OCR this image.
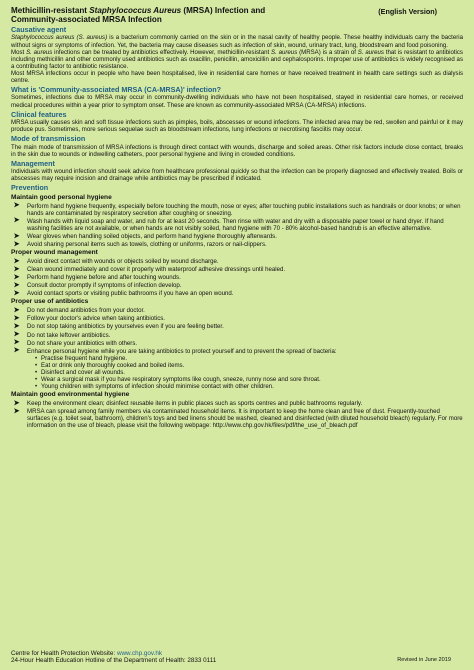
Methicillin-resistant Staphylococcus Aureus (MRSA) Infection and
Community-associated MRSA Infection
(English Version)
Causative agent

Staphylococcus aureus (S. aureus) is a bacterium commonly carried on the skin or in the nasal cavity of healthy people. These healthy individuals carry the bacteria without signs or symptoms of infection. Yet, the bacteria may cause diseases such as infection of skin, wound, urinary tract, lung, bloodstream and food poisoning.

Most S. aureus infections can be treated by antibiotics effectively. However, methicillin-resistant S. aureus (MRSA) is a strain of S. aureus that is resistant to antibiotics including methicillin and other commonly used antibiotics such as oxacillin, penicillin, amoxicillin and cephalosporins. Improper use of antibiotics is widely recognised as a contributing factor to antibiotic resistance.

Most MRSA infections occur in people who have been hospitalised, live in residential care homes or have received treatment in health care settings such as dialysis centre.

What is 'Community-associated MRSA (CA-MRSA)' infection?

Sometimes, infections due to MRSA may occur in community-dwelling individuals who have not been hospitalised, stayed in residential care homes, or received medical procedures within a year prior to symptom onset. These are known as community-associated MRSA (CA-MRSA) infections.

Clinical features

MRSA usually causes skin and soft tissue infections such as pimples, boils, abscesses or wound infections. The infected area may be red, swollen and painful or it may produce pus. Sometimes, more serious sequelae such as bloodstream infections, lung infections or necrotising fasciitis may occur.

Mode of transmission

The main mode of transmission of MRSA infections is through direct contact with wounds, discharge and soiled areas. Other risk factors include close contact, breaks in the skin due to wounds or indwelling catheters, poor personal hygiene and living in crowded conditions.

Management

Individuals with wound infection should seek advice from healthcare professional quickly so that the infection can be properly diagnosed and effectively treated. Boils or abscesses may require incision and drainage while antibiotics may be prescribed if indicated.

Prevention
Maintain good personal hygiene
➤	Perform hand hygiene frequently, especially before touching the mouth, nose or eyes; after touching public installations such as handrails or door knobs; or when hands are contaminated by respiratory secretion after coughing or sneezing.
➤	Wash hands with liquid soap and water, and rub for at least 20 seconds. Then rinse with water and dry with a disposable paper towel or hand dryer. If hand washing facilities are not available, or when hands are not visibly soiled, hand hygiene with 70 - 80% alcohol-based handrub is an effective alternative.
➤	Wear gloves when handling soiled objects, and perform hand hygiene thoroughly afterwards.
➤	Avoid sharing personal items such as towels, clothing or uniforms, razors or nail-clippers.
Proper wound management
➤	Avoid direct contact with wounds or objects soiled by wound discharge.
➤	Clean wound immediately and cover it properly with waterproof adhesive dressings until healed.
➤	Perform hand hygiene before and after touching wounds.
➤	Consult doctor promptly if symptoms of infection develop.
➤	Avoid contact sports or visiting public bathrooms if you have an open wound.
Proper use of antibiotics
➤	Do not demand antibiotics from your doctor.
➤	Follow your doctor's advice when taking antibiotics.
➤	Do not stop taking antibiotics by yourselves even if you are feeling better.
➤	Do not take leftover antibiotics.
➤	Do not share your antibiotics with others.
➤	Enhance personal hygiene while you are taking antibiotics to protect yourself and to prevent the spread of bacteria:
• Practise frequent hand hygiene.
• Eat or drink only thoroughly cooked and boiled items.
• Disinfect and cover all wounds.
• Wear a surgical mask if you have respiratory symptoms like cough, sneeze, runny nose and sore throat.
• Young children with symptoms of infection should minimise contact with other children.
Maintain good environmental hygiene
➤	Keep the environment clean; disinfect reusable items in public places such as sports centres and public bathrooms regularly.
➤	MRSA can spread among family members via contaminated household items. It is important to keep the home clean and free of dust. Frequently-touched surfaces (e.g. toilet seat, bathroom), children's toys and bed linens should be washed, cleaned and disinfected (with diluted household bleach) regularly. For more information on the use of bleach, please visit the following webpage: http://www.chp.gov.hk/files/pdf/the_use_of_bleach.pdf
Centre for Health Protection Website: www.chp.gov.hk
24-Hour Health Education Hotline of the Department of Health: 2833 0111	Revised in June 2019
